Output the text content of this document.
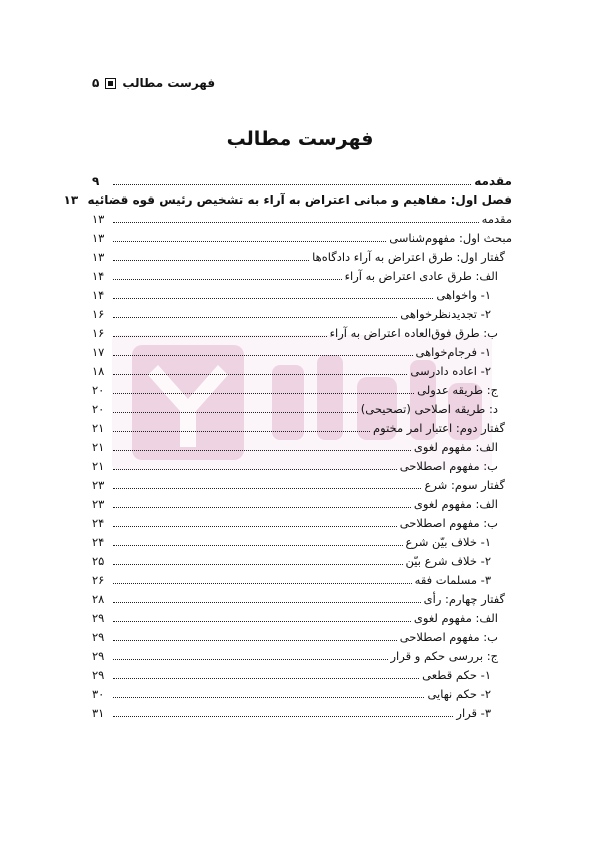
فهرست مطالب
۵
فهرست مطالب
مقدمه
۹
فصل اول: مفاهیم و مبانی اعتراض به آراء به تشخیص رئیس قوه قضائیه
۱۳
مقدمه
۱۳
مبحث اول: مفهوم‌شناسی
۱۳
گفتار اول: طرق اعتراض به آراء دادگاه‌ها
۱۳
الف: طرق عادی اعتراض به آراء
۱۴
۱- واخواهی
۱۴
۲- تجدیدنظرخواهی
۱۶
ب: طرق فوق‌العاده اعتراض به آراء
۱۶
۱- فرجام‌خواهی
۱۷
۲- اعاده دادرسی
۱۸
ج: طریقه عدولی
۲۰
د: طریقه اصلاحی (تصحیحی)
۲۰
گفتار دوم: اعتبار امر مختوم
۲۱
الف: مفهوم لغوی
۲۱
ب: مفهوم اصطلاحی
۲۱
گفتار سوم: شرع
۲۳
الف: مفهوم لغوی
۲۳
ب: مفهوم اصطلاحی
۲۴
۱- خلاف بیّن شرع
۲۴
۲- خلاف شرع بیّن
۲۵
۳- مسلمات فقه
۲۶
گفتار چهارم: رأی
۲۸
الف: مفهوم لغوی
۲۹
ب: مفهوم اصطلاحی
۲۹
ج: بررسی حکم و قرار
۲۹
۱- حکم قطعی
۲۹
۲- حکم نهایی
۳۰
۳- قرار
۳۱
